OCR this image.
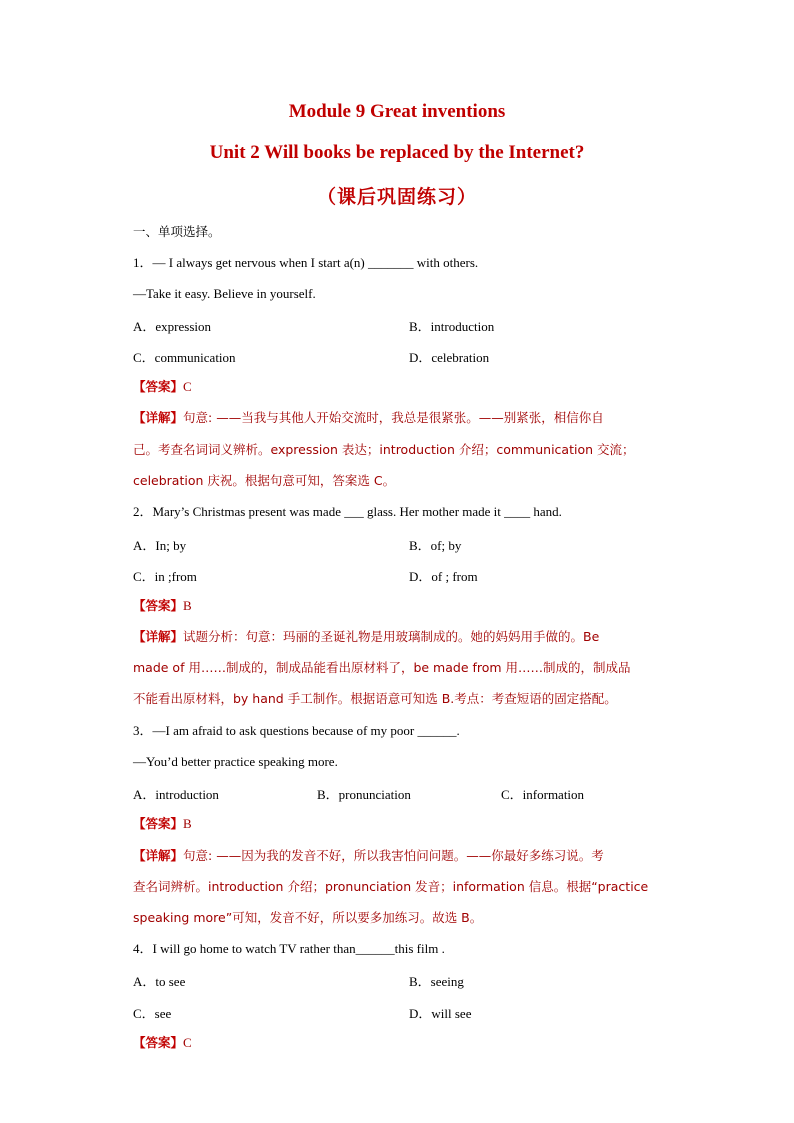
Module 9 Great inventions
Unit 2 Will books be replaced by the Internet?
（课后巩固练习）
一、单项选择。
1．— I always get nervous when I start a(n) _______ with others.
—Take it easy. Believe in yourself.
A．expression	B．introduction
C．communication	D．celebration
【答案】C
【详解】句意: ——当我与其他人开始交流时，我总是很紧张。——别紧张，相信你自
己。考查名词词义辨析。expression 表达；introduction 介绍；communication 交流；
celebration 庆祝。根据句意可知，答案选 C。
2．Mary’s Christmas present was made ___ glass. Her mother made it ____ hand.
A．In; by	B．of; by
C．in ;from	D．of ; from
【答案】B
【详解】试题分析：句意：玛丽的圣诞礼物是用玻璃制成的。她的妈妈用手做的。Be
made of 用……制成的，制成品能看出原材料了，be made from 用……制成的，制成品
不能看出原材料，by hand 手工制作。根据语意可知选 B.考点：考查短语的固定搭配。
3．—I am afraid to ask questions because of my poor ______.
—You’d better practice speaking more.
A．introduction	B．pronunciation	C．information
【答案】B
【详解】句意: ——因为我的发音不好，所以我害怕问问题。——你最好多练习说。考
查名词辨析。introduction 介绍；pronunciation 发音；information 信息。根据“practice
speaking more”可知，发音不好，所以要多加练习。故选 B。
4．I will go home to watch TV rather than______this film .
A．to see	B．seeing
C．see	D．will see
【答案】C
